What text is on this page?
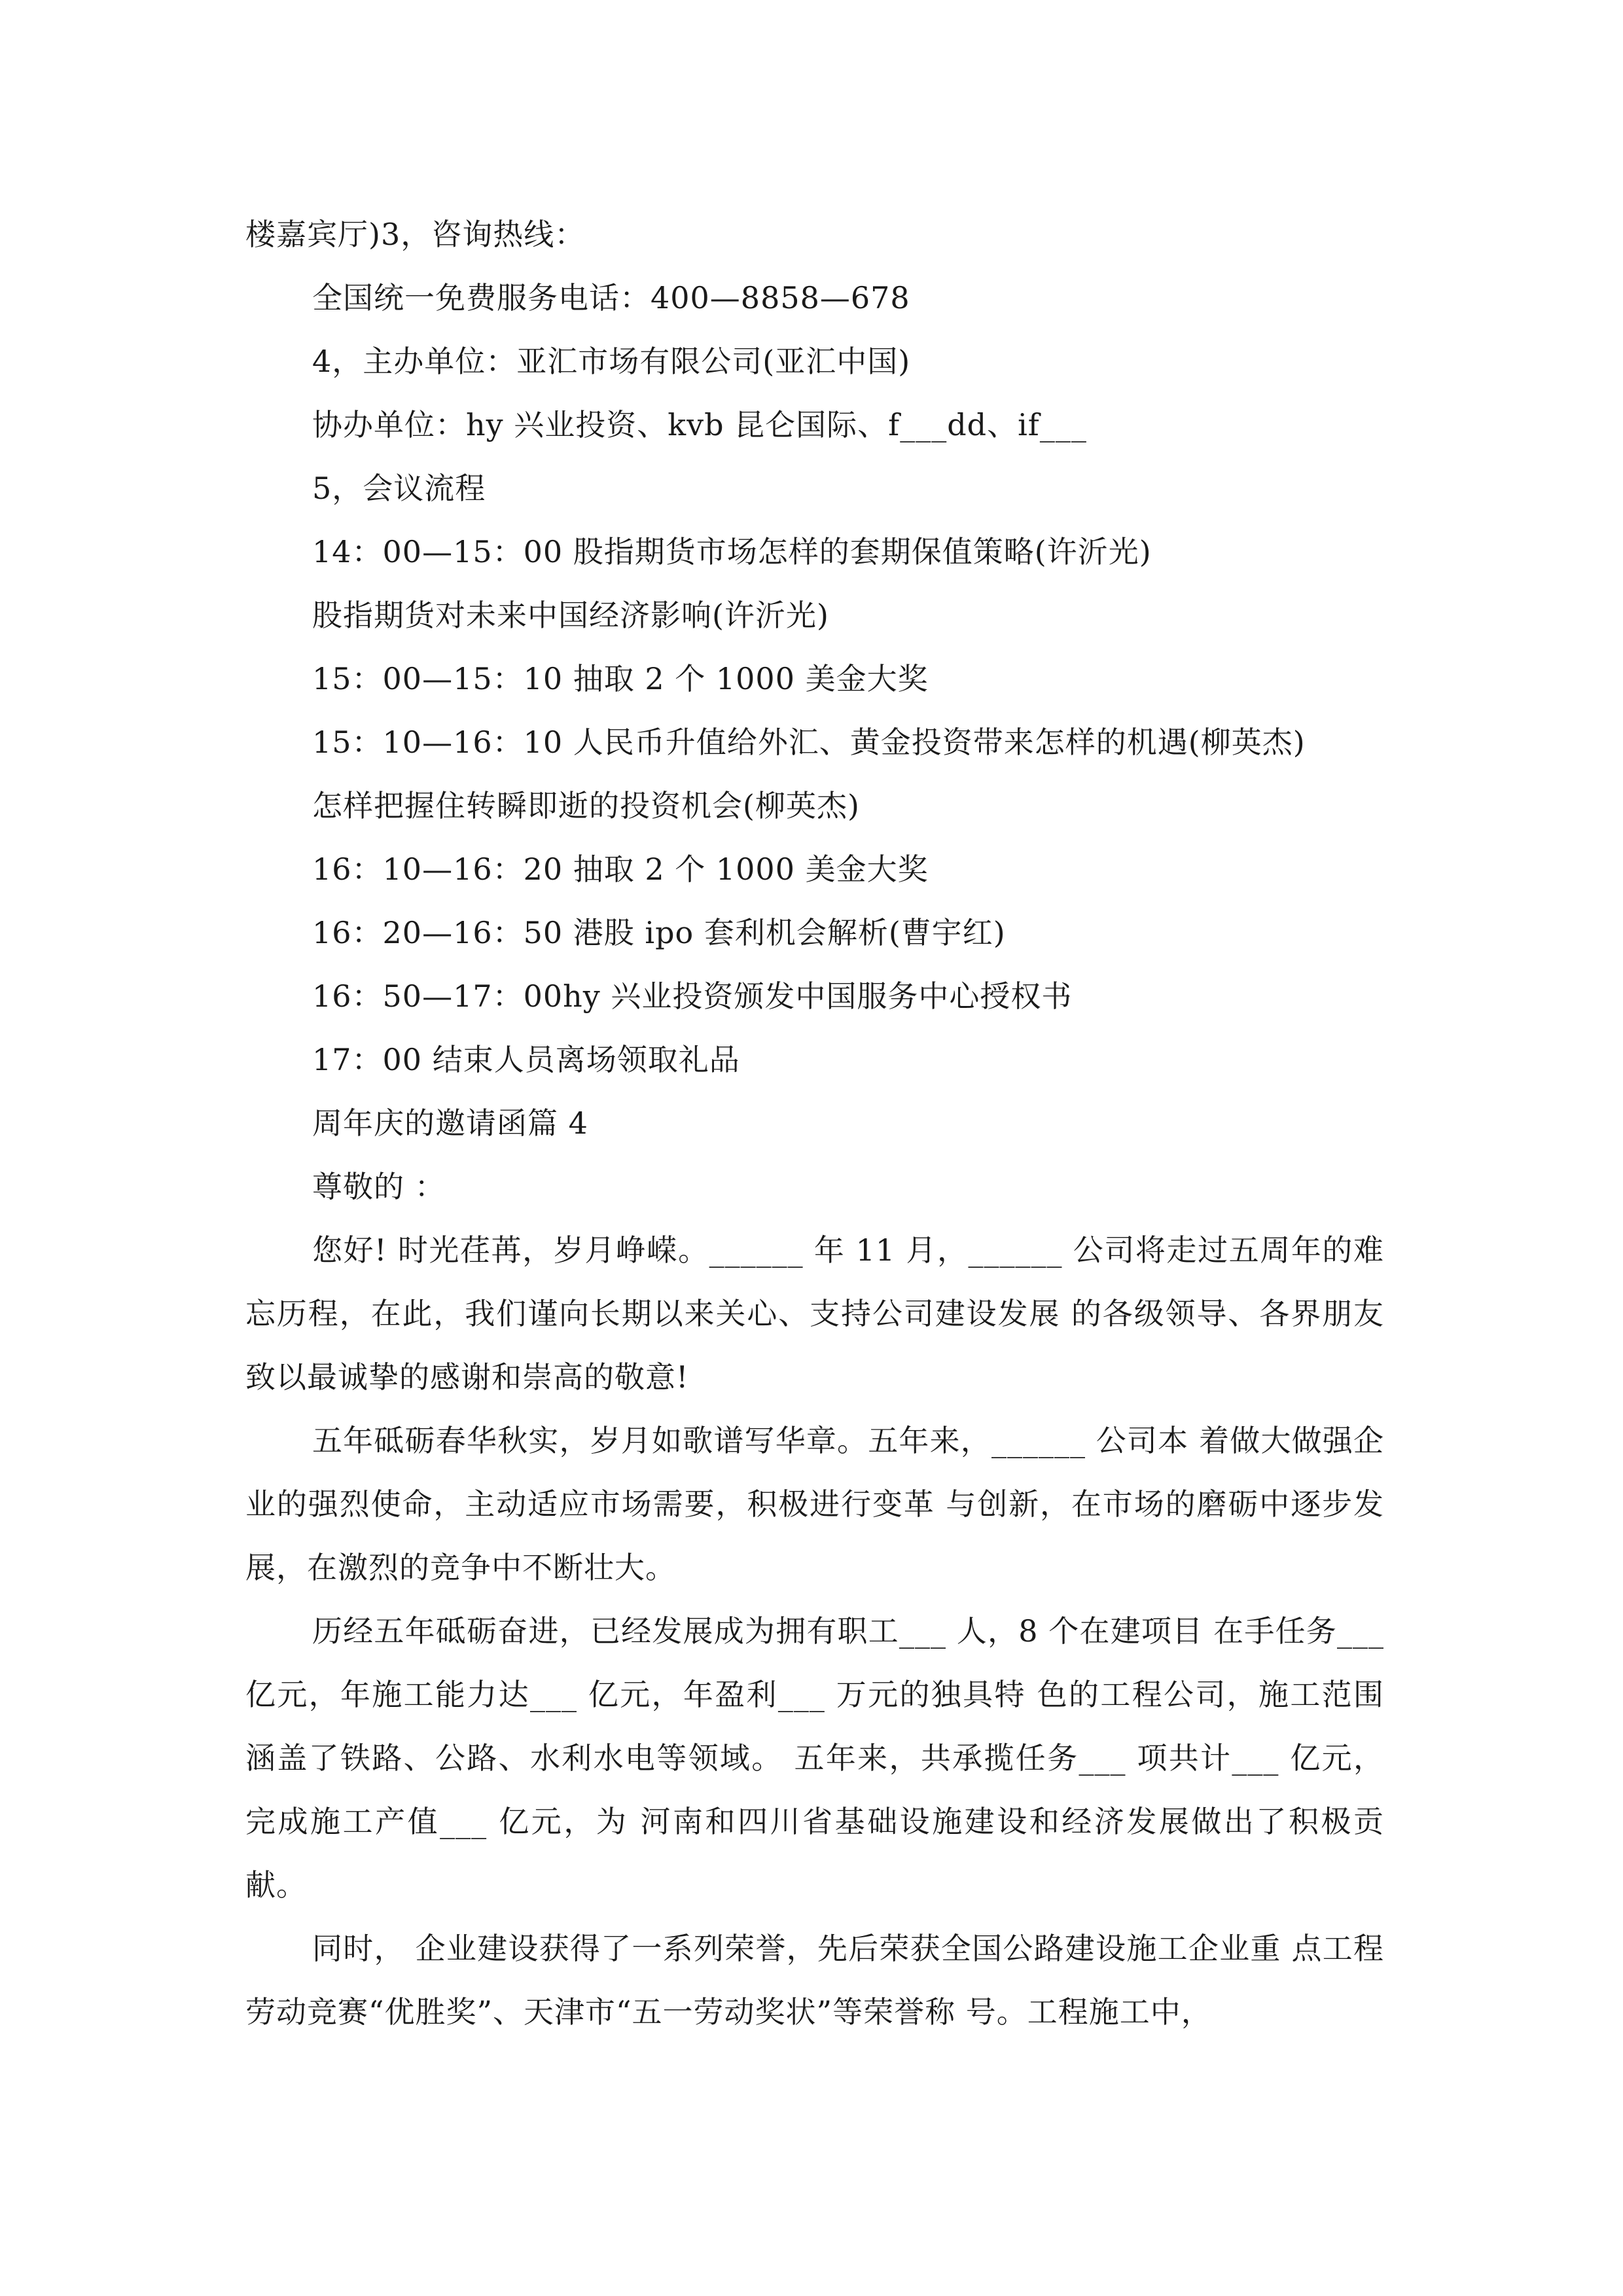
楼嘉宾厅)3，咨询热线：
全国统一免费服务电话：400—8858—678
4，主办单位：亚汇市场有限公司(亚汇中国)
协办单位：hy 兴业投资、kvb 昆仑国际、f___dd、if___
5，会议流程
14：00—15：00 股指期货市场怎样的套期保值策略(许沂光)
股指期货对未来中国经济影响(许沂光)
15：00—15：10 抽取 2 个 1000 美金大奖
15：10—16：10 人民币升值给外汇、黄金投资带来怎样的机遇(柳英杰)
怎样把握住转瞬即逝的投资机会(柳英杰)
16：10—16：20 抽取 2 个 1000 美金大奖
16：20—16：50 港股 ipo 套利机会解析(曹宇红)
16：50—17：00hy 兴业投资颁发中国服务中心授权书
17：00 结束人员离场领取礼品
周年庆的邀请函篇 4
尊敬的 ：
您好! 时光荏苒，岁月峥嵘。______ 年 11 月，______ 公司将走过五周年的难忘历程，在此，我们谨向长期以来关心、支持公司建设发展 的各级领导、各界朋友致以最诚挚的感谢和崇高的敬意!
五年砥砺春华秋实，岁月如歌谱写华章。五年来，______ 公司本 着做大做强企业的强烈使命，主动适应市场需要，积极进行变革 与创新，在市场的磨砺中逐步发展，在激烈的竞争中不断壮大。
历经五年砥砺奋进，已经发展成为拥有职工___ 人，8 个在建项目 在手任务___ 亿元，年施工能力达___ 亿元，年盈利___ 万元的独具特 色的工程公司，施工范围涵盖了铁路、公路、水利水电等领域。 五年来，共承揽任务___ 项共计___ 亿元，完成施工产值___ 亿元，为 河南和四川省基础设施建设和经济发展做出了积极贡献。
同时， 企业建设获得了一系列荣誉，先后荣获全国公路建设施工企业重 点工程劳动竞赛“优胜奖”、天津市“五一劳动奖状”等荣誉称 号。工程施工中，
